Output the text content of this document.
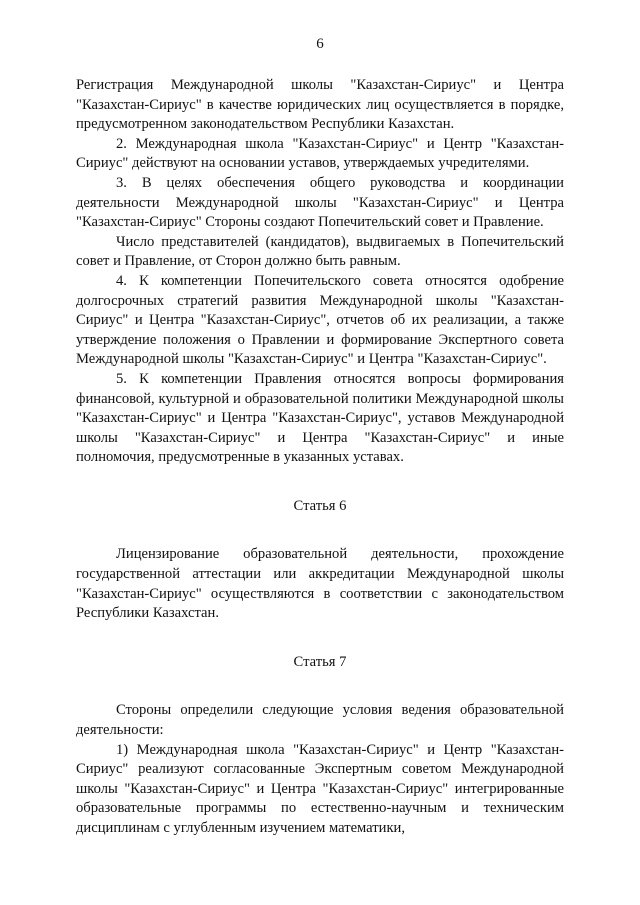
6

Регистрация Международной школы "Казахстан-Сириус" и Центра "Казахстан-Сириус" в качестве юридических лиц осуществляется в порядке, предусмотренном законодательством Республики Казахстан.

2. Международная школа "Казахстан-Сириус" и Центр "Казахстан-Сириус" действуют на основании уставов, утверждаемых учредителями.

3. В целях обеспечения общего руководства и координации деятельности Международной школы "Казахстан-Сириус" и Центра "Казахстан-Сириус" Стороны создают Попечительский совет и Правление.

Число представителей (кандидатов), выдвигаемых в Попечительский совет и Правление, от Сторон должно быть равным.

4. К компетенции Попечительского совета относятся одобрение долгосрочных стратегий развития Международной школы "Казахстан-Сириус" и Центра "Казахстан-Сириус", отчетов об их реализации, а также утверждение положения о Правлении и формирование Экспертного совета Международной школы "Казахстан-Сириус" и Центра "Казахстан-Сириус".

5. К компетенции Правления относятся вопросы формирования финансовой, культурной и образовательной политики Международной школы "Казахстан-Сириус" и Центра "Казахстан-Сириус", уставов Международной школы "Казахстан-Сириус" и Центра "Казахстан-Сириус" и иные полномочия, предусмотренные в указанных уставах.

Статья 6

Лицензирование образовательной деятельности, прохождение государственной аттестации или аккредитации Международной школы "Казахстан-Сириус" осуществляются в соответствии с законодательством Республики Казахстан.

Статья 7

Стороны определили следующие условия ведения образовательной деятельности:

1) Международная школа "Казахстан-Сириус" и Центр "Казахстан-Сириус" реализуют согласованные Экспертным советом Международной школы "Казахстан-Сириус" и Центра "Казахстан-Сириус" интегрированные образовательные программы по естественно-научным и техническим дисциплинам с углубленным изучением математики,
